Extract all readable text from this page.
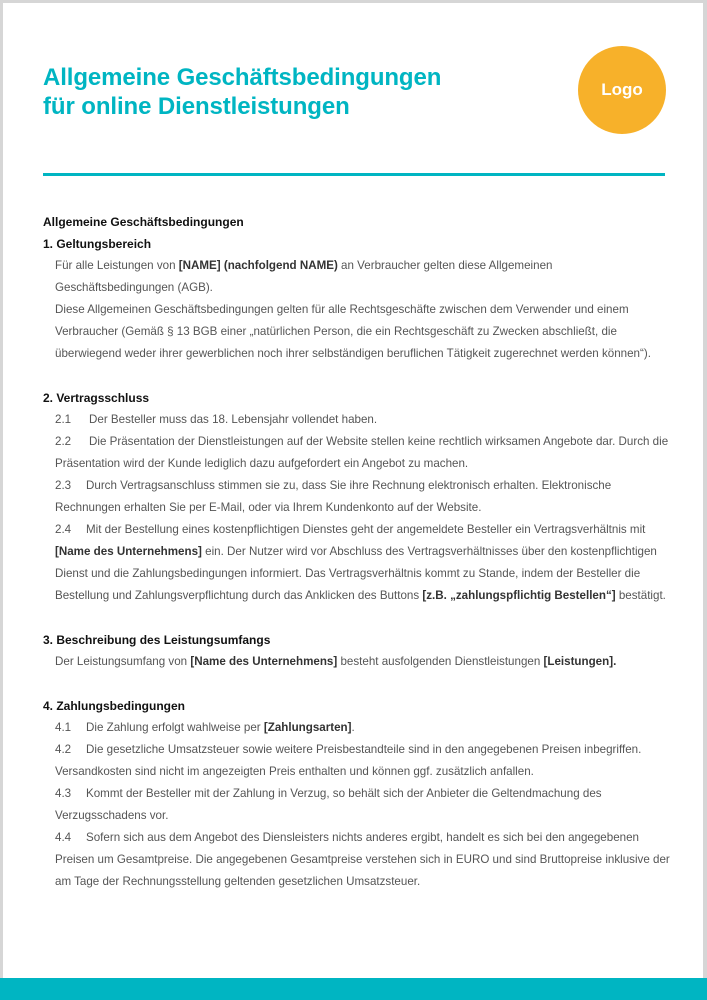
Allgemeine Geschäftsbedingungen
für online Dienstleistungen
Logo
Allgemeine Geschäftsbedingungen
1. Geltungsbereich
Für alle Leistungen von [NAME] (nachfolgend NAME) an Verbraucher gelten diese Allgemeinen Geschäftsbedingungen (AGB).
Diese Allgemeinen Geschäftsbedingungen gelten für alle Rechtsgeschäfte zwischen dem Verwender und einem Verbraucher (Gemäß § 13 BGB einer „natürlichen Person, die ein Rechtsgeschäft zu Zwecken abschließt, die überwiegend weder ihrer gewerblichen noch ihrer selbständigen beruflichen Tätigkeit zugerechnet werden können“).
2. Vertragsschluss
2.1 Der Besteller muss das 18. Lebensjahr vollendet haben.
2.2 Die Präsentation der Dienstleistungen auf der Website stellen keine rechtlich wirksamen Angebote dar. Durch die Präsentation wird der Kunde lediglich dazu aufgefordert ein Angebot zu machen.
2.3 Durch Vertragsanschluss stimmen sie zu, dass Sie ihre Rechnung elektronisch erhalten. Elektronische Rechnungen erhalten Sie per E-Mail, oder via Ihrem Kundenkonto auf der Website.
2.4 Mit der Bestellung eines kostenpflichtigen Dienstes geht der angemeldete Besteller ein Vertragsverhältnis mit [Name des Unternehmens] ein. Der Nutzer wird vor Abschluss des Vertragsverhältnisses über den kostenpflichtigen Dienst und die Zahlungsbedingungen informiert. Das Vertragsverhältnis kommt zu Stande, indem der Besteller die Bestellung und Zahlungsverpflichtung durch das Anklicken des Buttons [z.B. „zahlungspflichtig Bestellen“] bestätigt.
3. Beschreibung des Leistungsumfangs
Der Leistungsumfang von [Name des Unternehmens] besteht ausfolgenden Dienstleistungen [Leistungen].
4. Zahlungsbedingungen
4.1 Die Zahlung erfolgt wahlweise per [Zahlungsarten].
4.2 Die gesetzliche Umsatzsteuer sowie weitere Preisbestandteile sind in den angegebenen Preisen inbegriffen. Versandkosten sind nicht im angezeigten Preis enthalten und können ggf. zusätzlich anfallen.
4.3 Kommt der Besteller mit der Zahlung in Verzug, so behält sich der Anbieter die Geltendmachung des Verzugsschadens vor.
4.4 Sofern sich aus dem Angebot des Diensleisters nichts anderes ergibt, handelt es sich bei den angegebenen Preisen um Gesamtpreise. Die angegebenen Gesamtpreise verstehen sich in EURO und sind Bruttopreise inklusive der am Tage der Rechnungsstellung geltenden gesetzlichen Umsatzsteuer.
